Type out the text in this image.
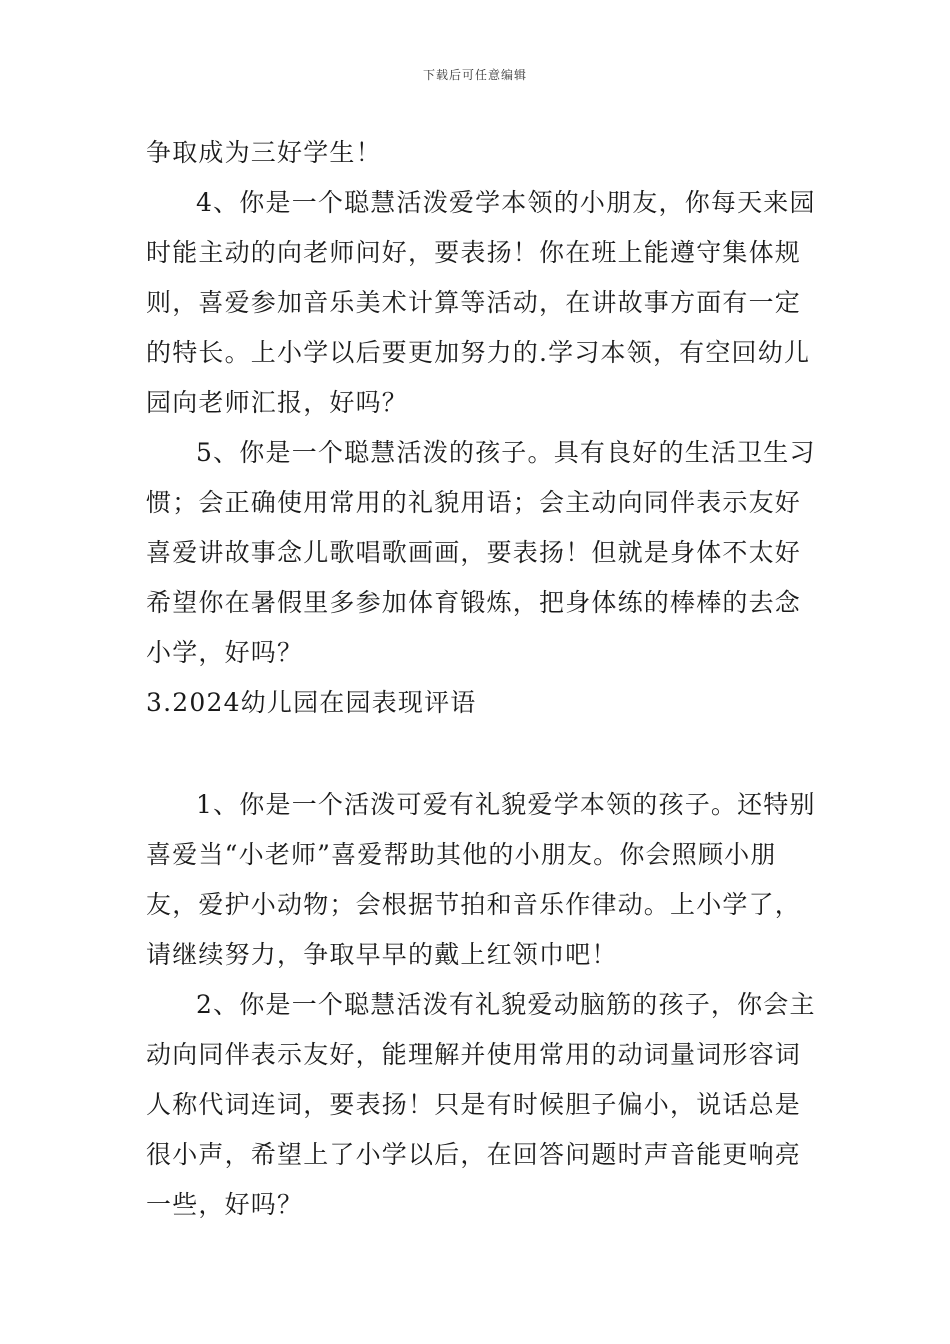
下载后可任意编辑
争取成为三好学生！
4、你是一个聪慧活泼爱学本领的小朋友，你每天来园
时能主动的向老师问好，要表扬！你在班上能遵守集体规
则，喜爱参加音乐美术计算等活动，在讲故事方面有一定
的特长。上小学以后要更加努力的.学习本领，有空回幼儿
园向老师汇报，好吗？
5、你是一个聪慧活泼的孩子。具有良好的生活卫生习
惯；会正确使用常用的礼貌用语；会主动向同伴表示友好
喜爱讲故事念儿歌唱歌画画，要表扬！但就是身体不太好
希望你在暑假里多参加体育锻炼，把身体练的棒棒的去念
小学，好吗？
3.2024幼儿园在园表现评语
1、你是一个活泼可爱有礼貌爱学本领的孩子。还特别
喜爱当“小老师”喜爱帮助其他的小朋友。你会照顾小朋
友，爱护小动物；会根据节拍和音乐作律动。上小学了，
请继续努力，争取早早的戴上红领巾吧！
2、你是一个聪慧活泼有礼貌爱动脑筋的孩子，你会主
动向同伴表示友好，能理解并使用常用的动词量词形容词
人称代词连词，要表扬！只是有时候胆子偏小，说话总是
很小声，希望上了小学以后，在回答问题时声音能更响亮
一些，好吗？
